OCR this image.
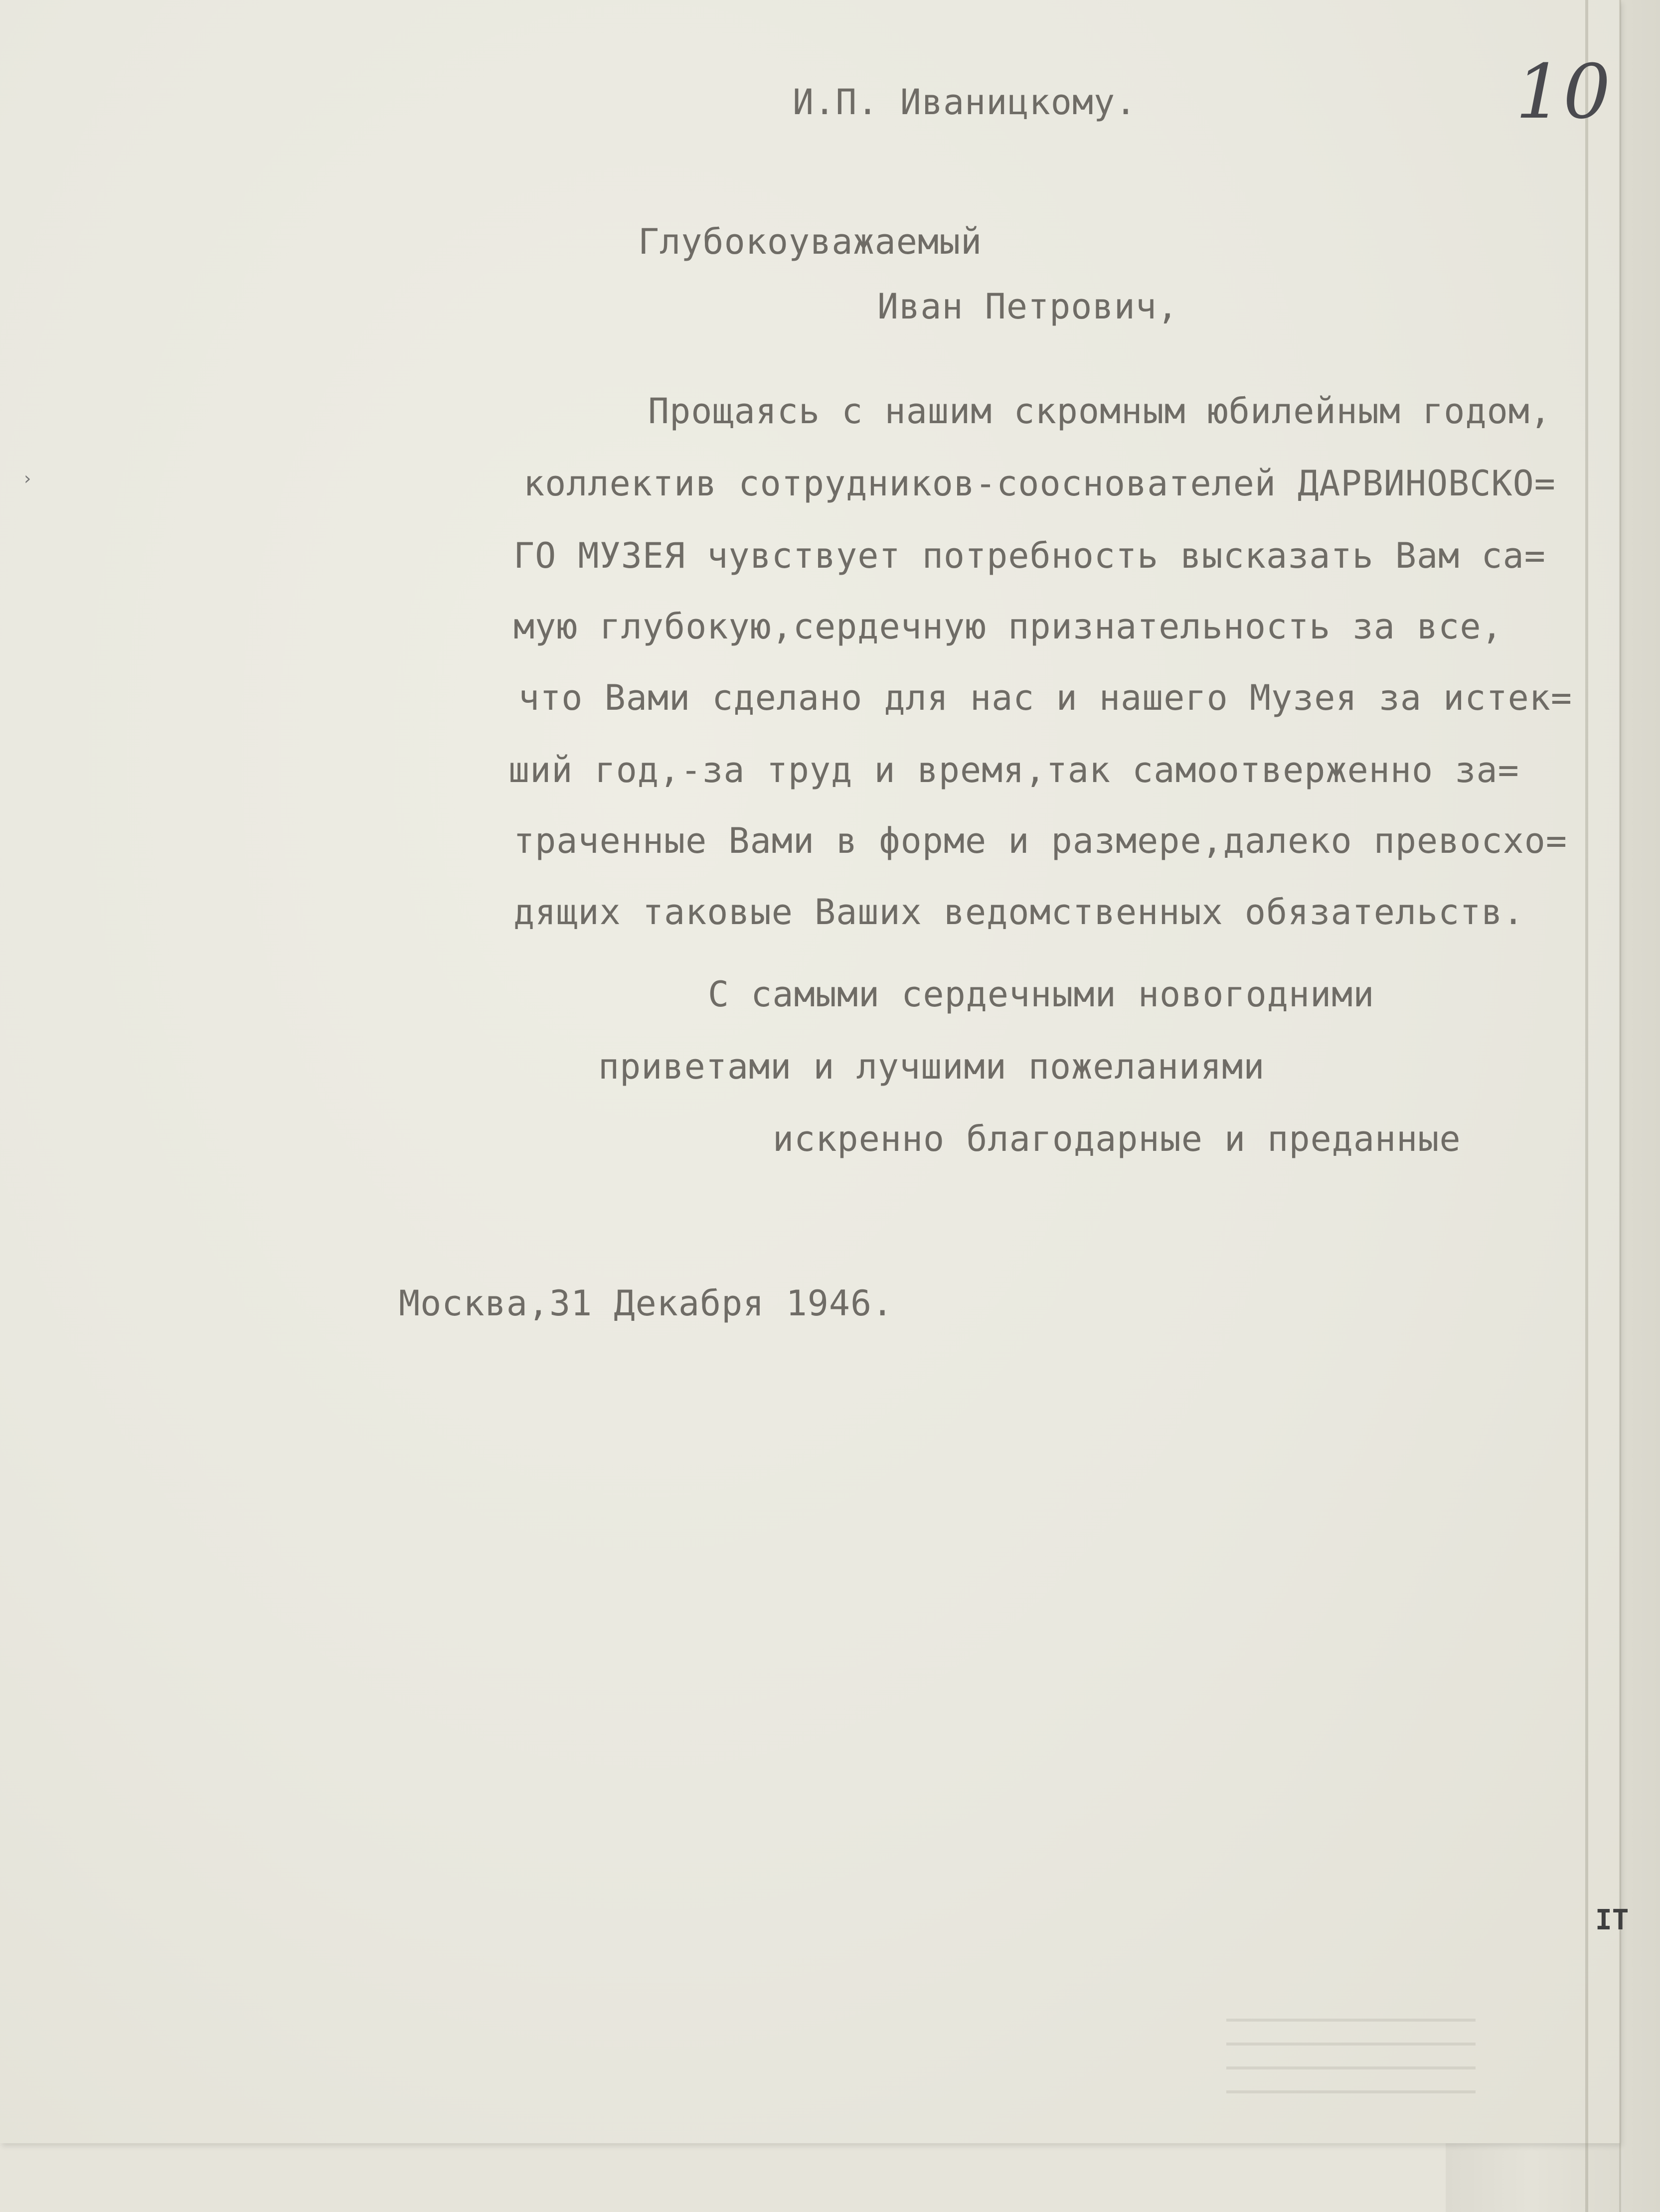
10
›
И.П. Иваницкому.
Глубокоуважаемый
Иван Петрович,
Прощаясь с нашим скромным юбилейным годом,
коллектив сотрудников-сооснователей ДАРВИНОВСКО=
ГО МУЗЕЯ чувствует потребность высказать Вам са=
мую глубокую,сердечную признательность за все,
что Вами сделано для нас и нашего Музея за истек=
ший год,-за труд и время,так самоотверженно за=
траченные Вами в форме и размере,далеко превосхо=
дящих таковые Ваших ведомственных обязательств.
С самыми сердечными новогодними
приветами и лучшими пожеланиями
искренно благодарные и преданные
Москва,31 Декабря 1946.
IT
